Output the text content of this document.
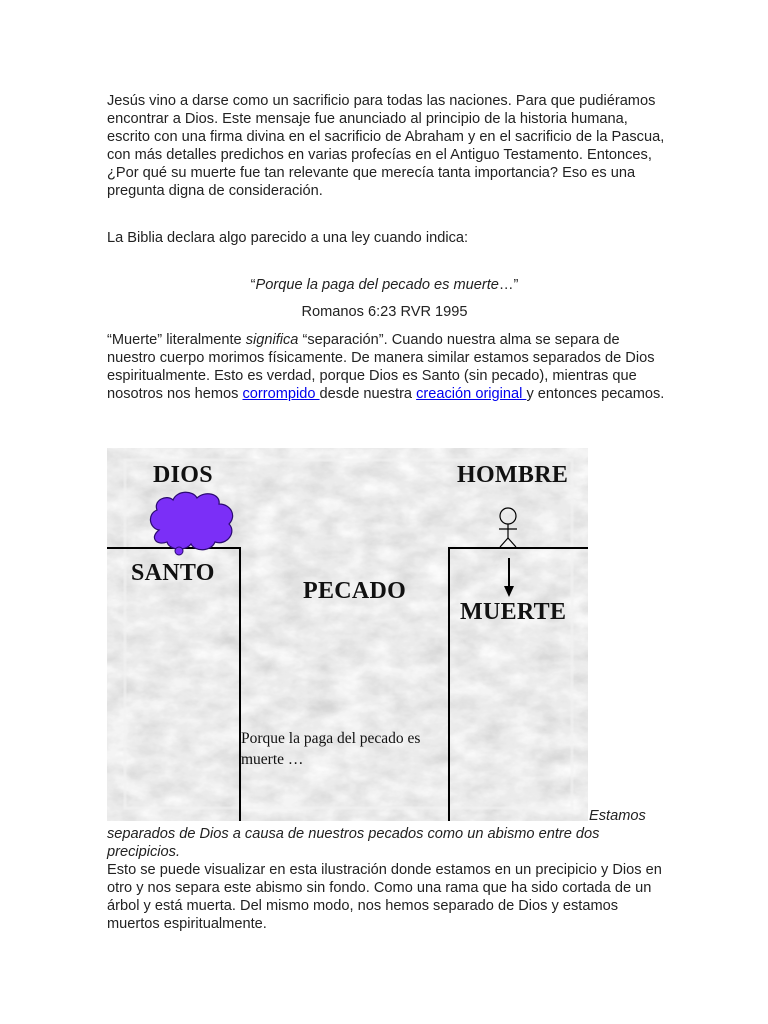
Jesús vino a darse como un sacrificio para todas las naciones. Para que pudiéramos encontrar a Dios. Este mensaje fue anunciado al principio de la historia humana, escrito con una firma divina en el sacrificio de Abraham y en el sacrificio de la Pascua, con más detalles predichos en varias profecías en el Antiguo Testamento. Entonces, ¿Por qué su muerte fue tan relevante que merecía tanta importancia? Eso es una pregunta digna de consideración.

La Biblia declara algo parecido a una ley cuando indica:

“Porque la paga del pecado es muerte…”

Romanos 6:23 RVR 1995

“Muerte” literalmente significa “separación”. Cuando nuestra alma se separa de nuestro cuerpo morimos físicamente. De manera similar estamos separados de Dios espiritualmente. Esto es verdad, porque Dios es Santo (sin pecado), mientras que nosotros nos hemos corrompido desde nuestra creación original y entonces pecamos.

DIOS
SANTO
PECADO
HOMBRE
MUERTE
Porque la paga del pecado es
muerte …
Estamos

separados de Dios a causa de nuestros pecados como un abismo entre dos precipicios.

Esto se puede visualizar en esta ilustración donde estamos en un precipicio y Dios en otro y nos separa este abismo sin fondo. Como una rama que ha sido cortada de un árbol y está muerta. Del mismo modo, nos hemos separado de Dios y estamos muertos espiritualmente.
